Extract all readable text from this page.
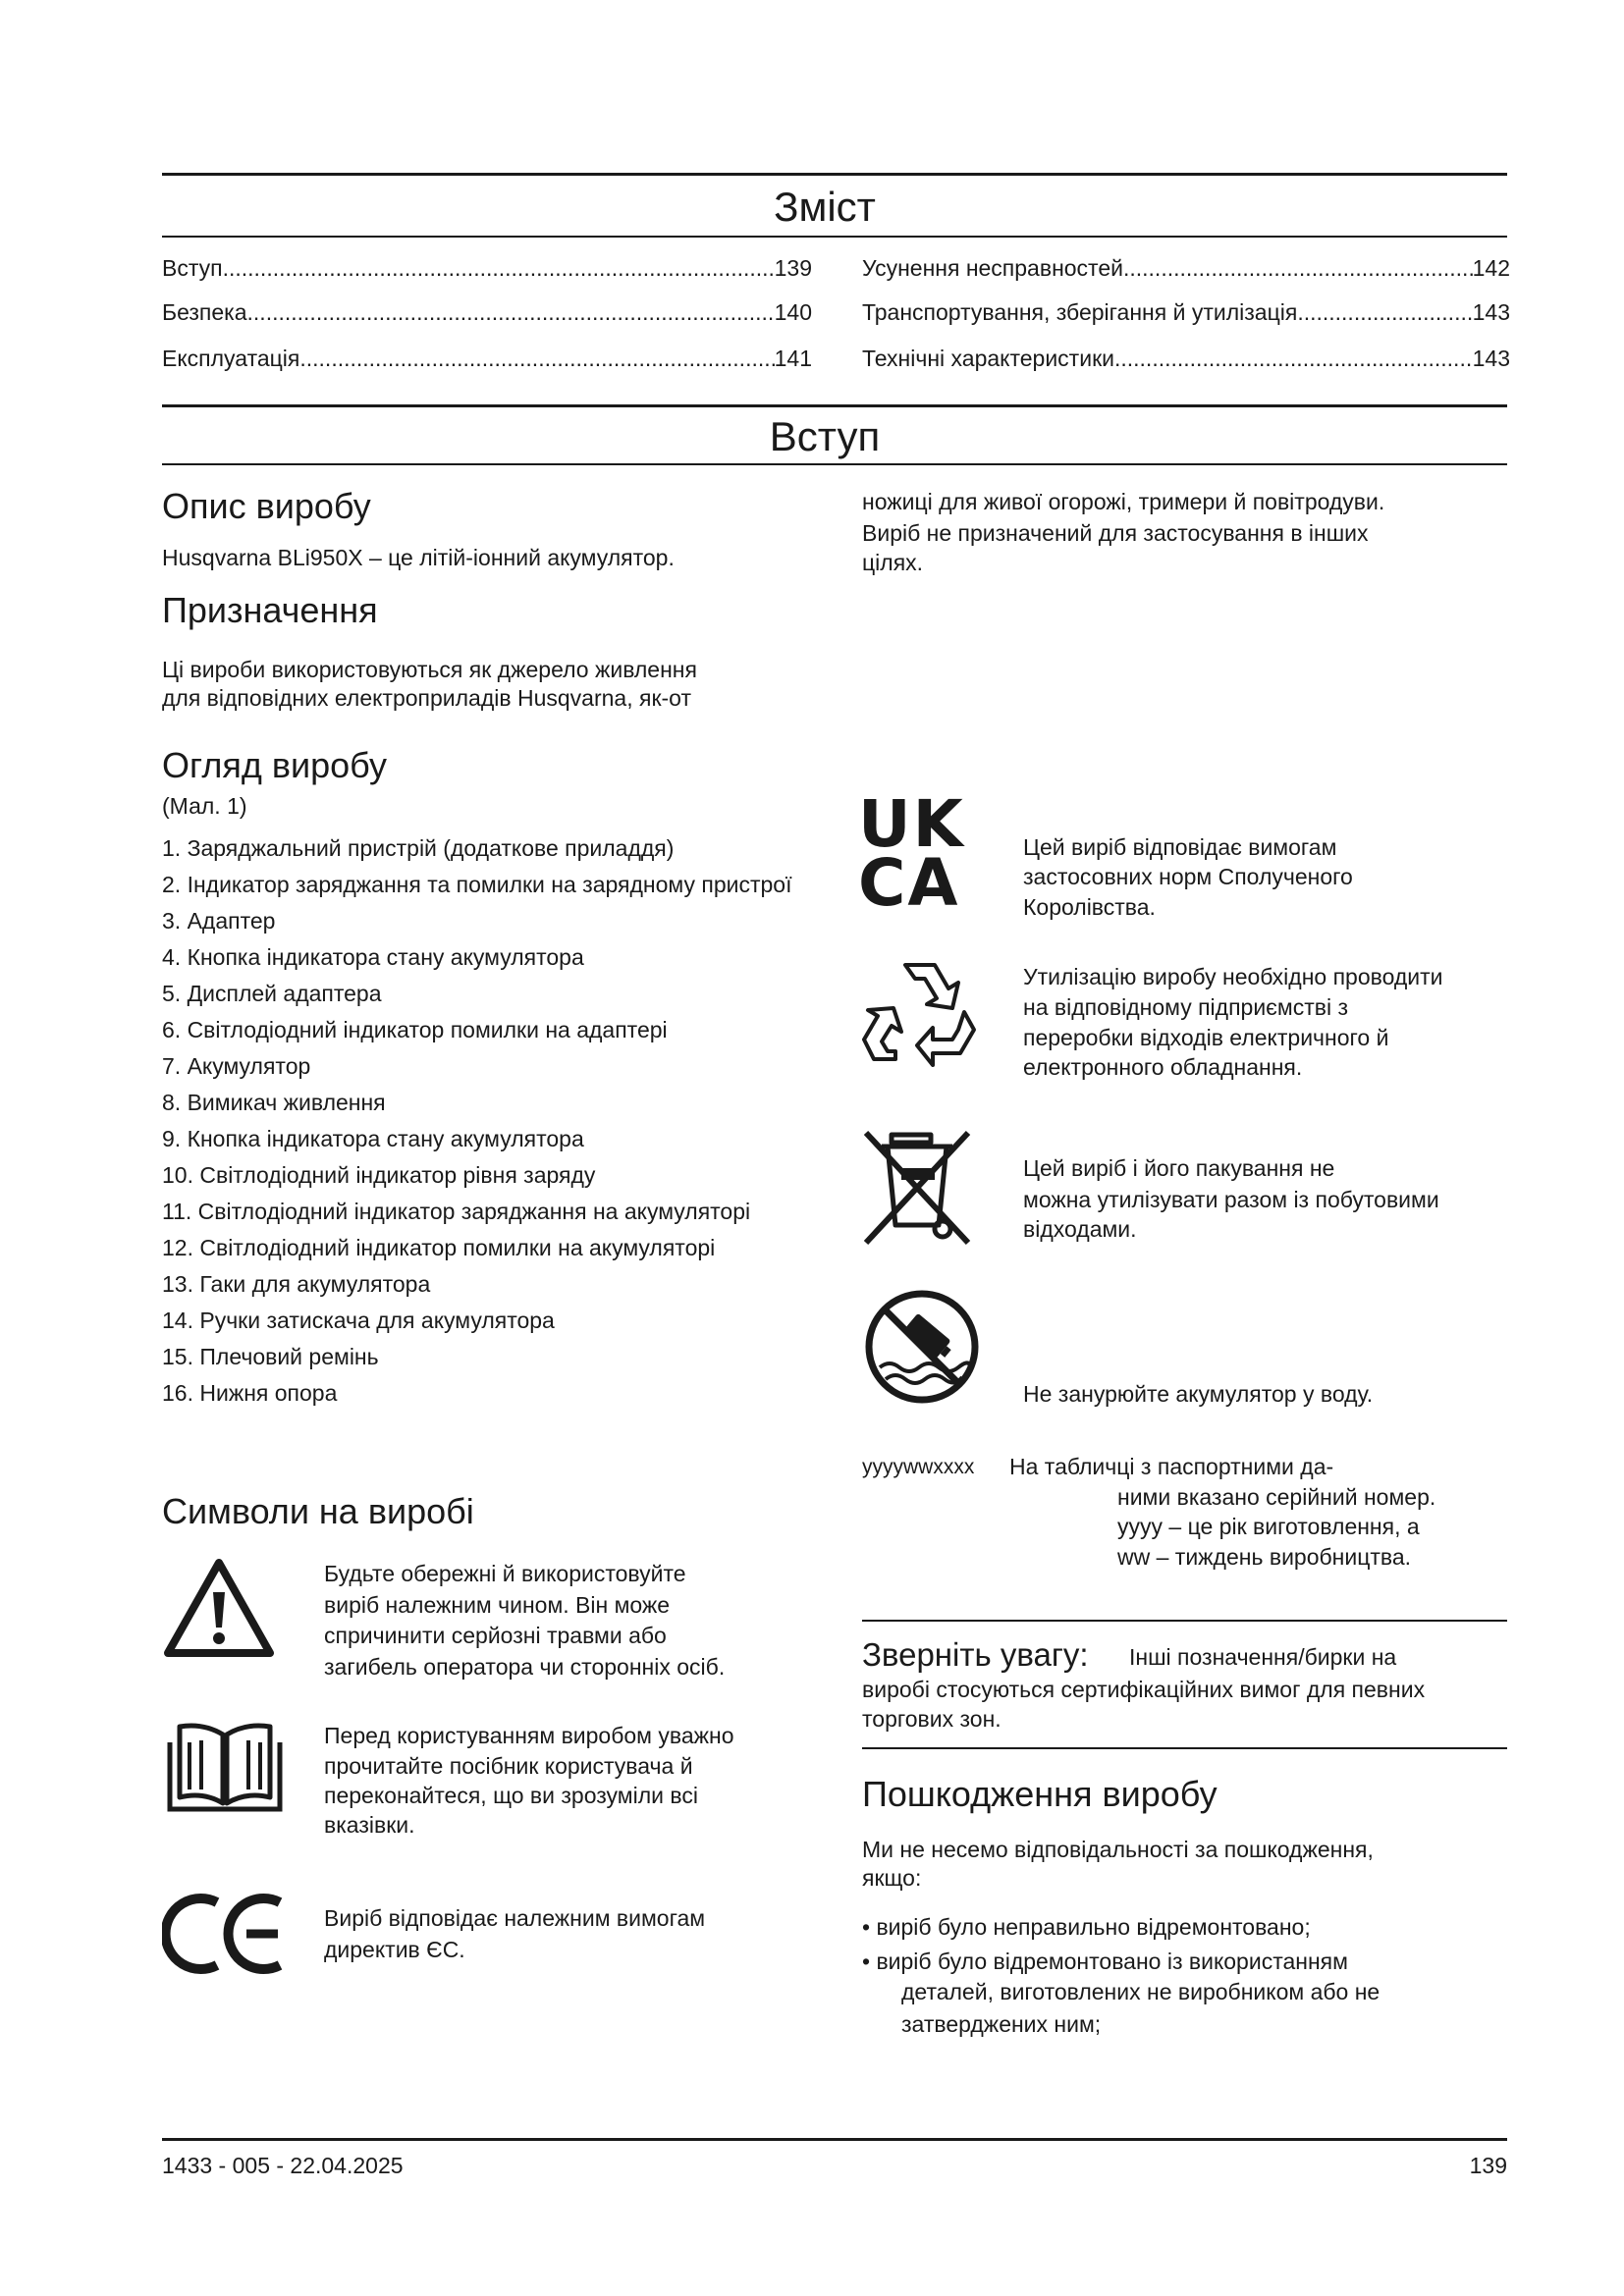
Зміст
Вступ .....	139
Безпека .....	140
Експлуатація .....	141
Усунення несправностей .....	142
Транспортування, зберігання й утилізація .....	143
Технічні характеристики .....	143
Вступ
Опис виробу
Husqvarna BLi950X – це літій-іонний акумулятор.
Призначення
Ці вироби використовуються як джерело живлення
для відповідних електроприладів Husqvarna, як-от
Огляд виробу
(Мал. 1)
1. Заряджальний пристрій (додаткове приладдя)
2. Індикатор заряджання та помилки на зарядному пристрої
3. Адаптер
4. Кнопка індикатора стану акумулятора
5. Дисплей адаптера
6. Світлодіодний індикатор помилки на адаптері
7. Акумулятор
8. Вимикач живлення
9. Кнопка індикатора стану акумулятора
10. Світлодіодний індикатор рівня заряду
11. Світлодіодний індикатор заряджання на акумуляторі
12. Світлодіодний індикатор помилки на акумуляторі
13. Гаки для акумулятора
14. Ручки затискача для акумулятора
15. Плечовий ремінь
16. Нижня опора
Символи на виробі
Будьте обережні й використовуйте
виріб належним чином. Він може
спричинити серйозні травми або
загибель оператора чи сторонніх осіб.
Перед користуванням виробом уважно
прочитайте посібник користувача й
переконайтеся, що ви зрозуміли всі
вказівки.
Виріб відповідає належним вимогам
директив ЄС.
ножиці для живої огорожі, тримери й повітродуви.
Виріб не призначений для застосування в інших
цілях.
UK
CA	Цей виріб відповідає вимогам
застосовних норм Сполученого
Королівства.
Утилізацію виробу необхідно проводити
на відповідному підприємстві з
переробки відходів електричного й
електронного обладнання.
Цей виріб і його пакування не
можна утилізувати разом із побутовими
відходами.
Не занурюйте акумулятор у воду.
yyyywwxxxx На табличці з паспортними да-
ними вказано серійний номер.
yyyy – це рік виготовлення, а
ww – тиждень виробництва.
Зверніть увагу: Інші позначення/бирки на
виробі стосуються сертифікаційних вимог для певних
торгових зон.
Пошкодження виробу
Ми не несемо відповідальності за пошкодження,
якщо:
• виріб було неправильно відремонтовано;
• виріб було відремонтовано із використанням
деталей, виготовлених не виробником або не
затверджених ним;
1433 - 005 - 22.04.2025	139
